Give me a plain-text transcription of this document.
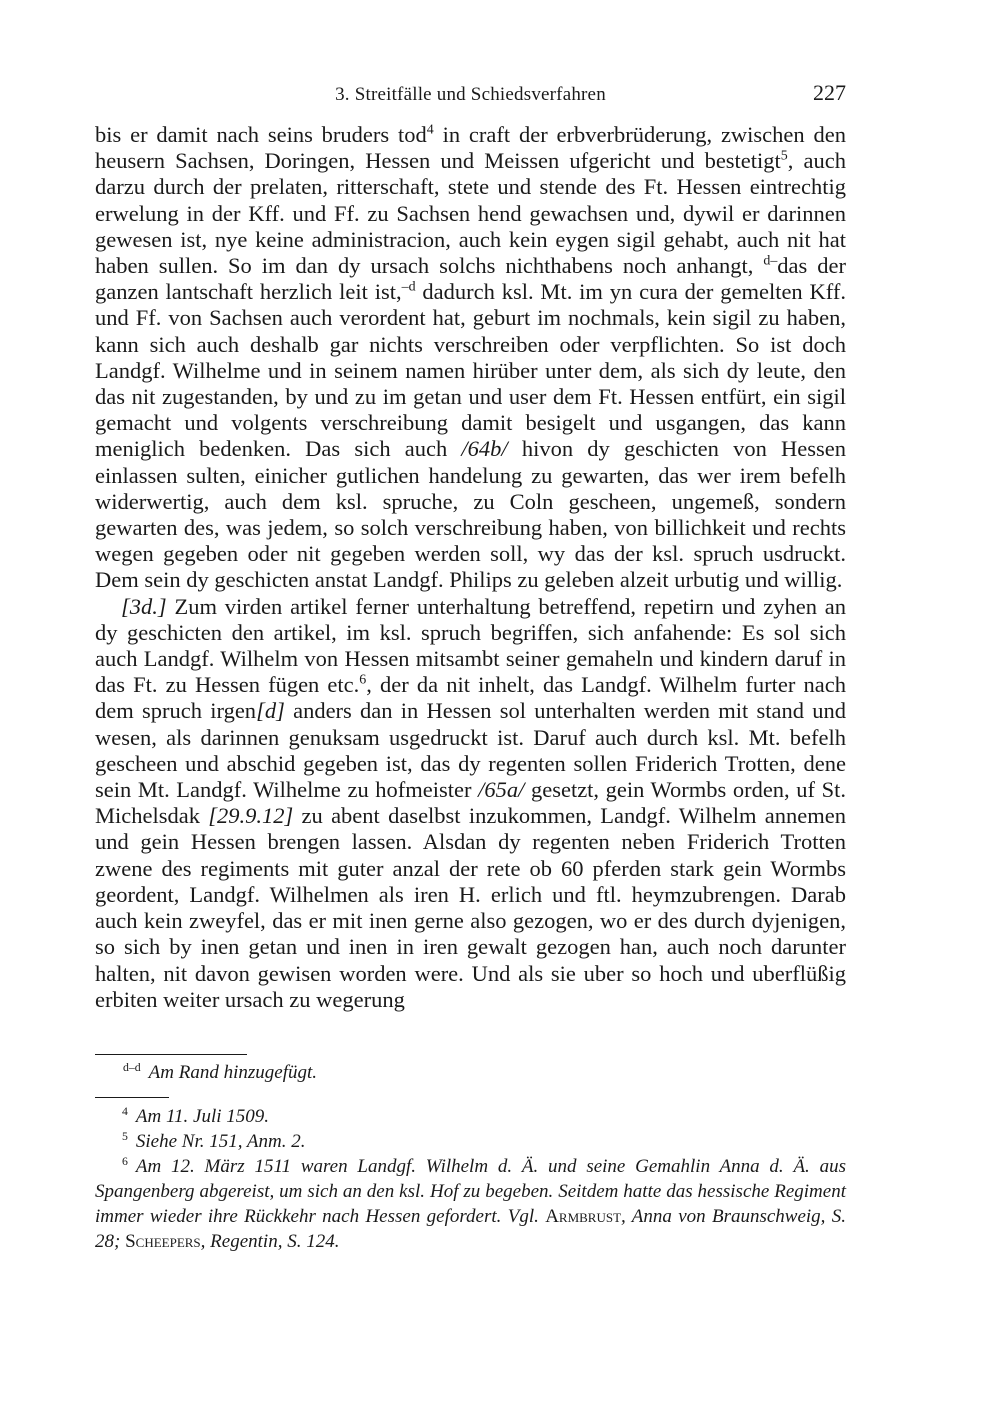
3. Streitfälle und Schiedsverfahren	227

bis er damit nach seins bruders tod$^4$ in craft der erbverbrüderung, zwischen den heusern Sachsen, Doringen, Hessen und Meissen ufgericht und bestetigt$^5$, auch darzu durch der prelaten, ritterschaft, stete und stende des Ft. Hessen eintrechtig erwelung in der Kff. und Ff. zu Sachsen hend gewachsen und, dywil er darinnen gewesen ist, nye keine administracion, auch kein eygen sigil gehabt, auch nit hat haben sullen. So im dan dy ursach solchs nichthabens noch anhangt, $^{d-}$das der ganzen lantschaft herzlich leit ist,$^{-d}$ dadurch ksl. Mt. im yn cura der gemelten Kff. und Ff. von Sachsen auch verordent hat, geburt im nochmals, kein sigil zu haben, kann sich auch deshalb gar nichts verschreiben oder verpflichten. So ist doch Landgf. Wilhelme und in seinem namen hirüber unter dem, als sich dy leute, den das nit zugestanden, by und zu im getan und user dem Ft. Hessen entfürt, ein sigil gemacht und volgents verschreibung damit besigelt und usgangen, das kann meniglich bedenken. Das sich auch /64b/ hivon dy geschicten von Hessen einlassen sulten, einicher gutlichen handelung zu gewarten, das wer irem befelh widerwertig, auch dem ksl. spruche, zu Coln gescheen, ungemeß, sondern gewarten des, was jedem, so solch verschreibung haben, von billichkeit und rechts wegen gegeben oder nit gegeben werden soll, wy das der ksl. spruch usdruckt. Dem sein dy geschicten anstat Landgf. Philips zu geleben alzeit urbutig und willig.

[3d.] Zum virden artikel ferner unterhaltung betreffend, repetirn und zyhen an dy geschicten den artikel, im ksl. spruch begriffen, sich anfahende: Es sol sich auch Landgf. Wilhelm von Hessen mitsambt seiner gemaheln und kindern daruf in das Ft. zu Hessen fügen etc.$^6$, der da nit inhelt, das Landgf. Wilhelm furter nach dem spruch irgen[d] anders dan in Hessen sol unterhalten werden mit stand und wesen, als darinnen genuksam usgedruckt ist. Daruf auch durch ksl. Mt. befelh gescheen und abschid gegeben ist, das dy regenten sollen Friderich Trotten, dene sein Mt. Landgf. Wilhelme zu hofmeister /65a/ gesetzt, gein Wormbs orden, uf St. Michelsdak [29.9.12] zu abent daselbst inzukommen, Landgf. Wilhelm annemen und gein Hessen brengen lassen. Alsdan dy regenten neben Friderich Trotten zwene des regiments mit guter anzal der rete ob 60 pferden stark gein Wormbs geordent, Landgf. Wilhelmen als iren H. erlich und ftl. heymzubrengen. Darab auch kein zweyfel, das er mit inen gerne also gezogen, wo er des durch dyjenigen, so sich by inen getan und inen in iren gewalt gezogen han, auch noch darunter halten, nit davon gewisen worden were. Und als sie uber so hoch und uberflüßig erbiten weiter ursach zu wegerung

$^{d-d}$ Am Rand hinzugefügt.

$^4$ Am 11. Juli 1509.

$^5$ Siehe Nr. 151, Anm. 2.

$^6$ Am 12. März 1511 waren Landgf. Wilhelm d. Ä. und seine Gemahlin Anna d. Ä. aus Spangenberg abgereist, um sich an den ksl. Hof zu begeben. Seitdem hatte das hessische Regiment immer wieder ihre Rückkehr nach Hessen gefordert. Vgl. Armbrust, Anna von Braunschweig, S. 28; Scheepers, Regentin, S. 124.
